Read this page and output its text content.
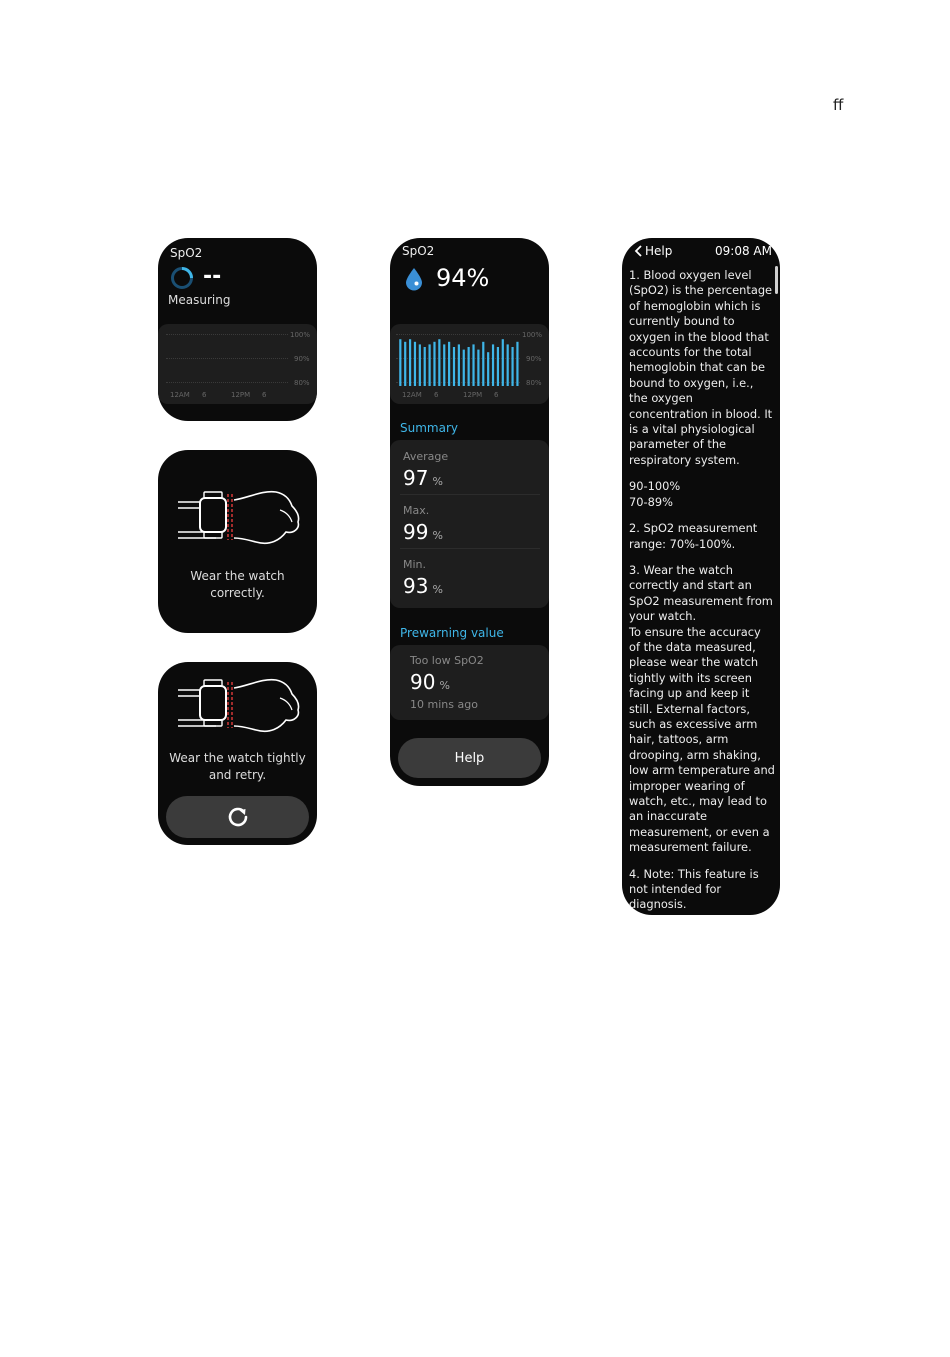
ff
SpO2
--
Measuring
100%
90%
80%
12AM 6	12PM 6
Wear the watch
correctly.
Wear the watch tightly
and retry.
SpO2
94%
100%
90%
80%
12AM 6	12PM 6
Summary
Average
97 %
Max.
99 %
Min.
93 %
Prewarning value
Too low SpO2
90 %
10 mins ago
Help
Help	09:08 AM

1. Blood oxygen level (SpO2) is the percentage of hemoglobin which is currently bound to oxygen in the blood that accounts for the total hemoglobin that can be bound to oxygen, i.e., the oxygen concentration in blood. It is a vital physiological parameter of the respiratory system.

90-100%
70-89%

2. SpO2 measurement range: 70%-100%.

3. Wear the watch correctly and start an SpO2 measurement from your watch.
To ensure the accuracy of the data measured, please wear the watch tightly with its screen facing up and keep it still. External factors, such as excessive arm hair, tattoos, arm drooping, arm shaking, low arm temperature and improper wearing of watch, etc., may lead to an inaccurate measurement, or even a measurement failure.

4. Note: This feature is not intended for diagnosis.
